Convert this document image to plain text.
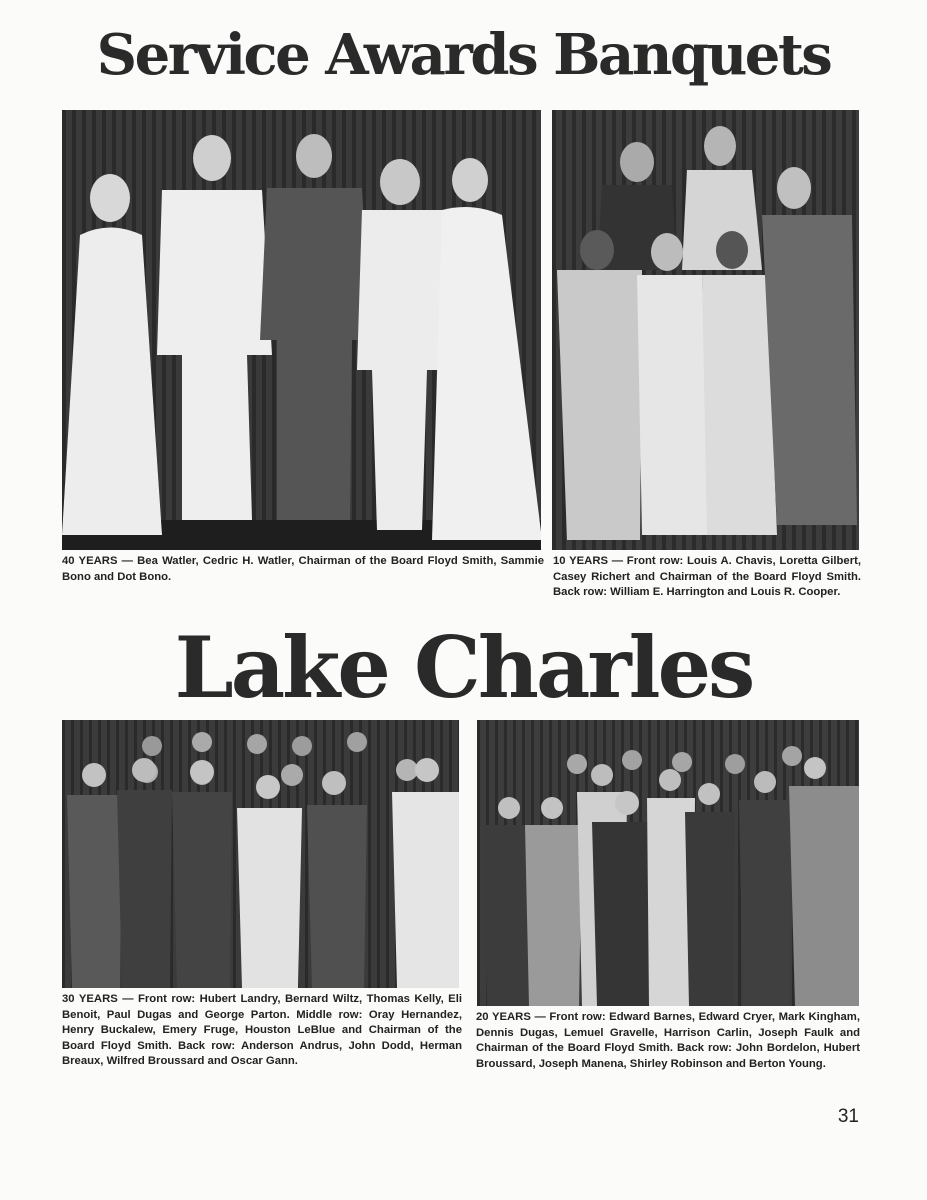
Service Awards Banquets

40 YEARS — Bea Watler, Cedric H. Watler, Chairman of the Board Floyd Smith, Sammie Bono and Dot Bono.

10 YEARS — Front row: Louis A. Chavis, Loretta Gilbert, Casey Richert and Chairman of the Board Floyd Smith. Back row: William E. Harrington and Louis R. Cooper.

Lake Charles

30 YEARS — Front row: Hubert Landry, Bernard Wiltz, Thomas Kelly, Eli Benoit, Paul Dugas and George Parton. Middle row: Oray Hernandez, Henry Buckalew, Emery Fruge, Houston LeBlue and Chairman of the Board Floyd Smith. Back row: Anderson Andrus, John Dodd, Herman Breaux, Wilfred Broussard and Oscar Gann.

20 YEARS — Front row: Edward Barnes, Edward Cryer, Mark Kingham, Dennis Dugas, Lemuel Gravelle, Harrison Carlin, Joseph Faulk and Chairman of the Board Floyd Smith. Back row: John Bordelon, Hubert Broussard, Joseph Manena, Shirley Robinson and Berton Young.

31
